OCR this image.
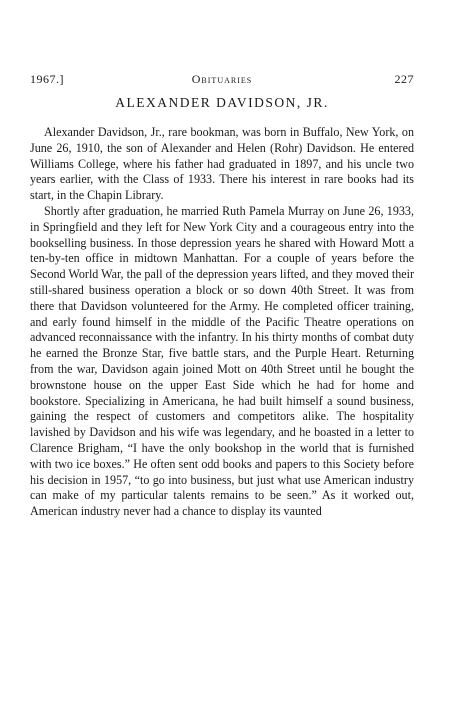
1967.]	Obituaries	227
ALEXANDER DAVIDSON, JR.

Alexander Davidson, Jr., rare bookman, was born in Buffalo, New York, on June 26, 1910, the son of Alexander and Helen (Rohr) Davidson. He entered Williams College, where his father had graduated in 1897, and his uncle two years earlier, with the Class of 1933. There his interest in rare books had its start, in the Chapin Library.

Shortly after graduation, he married Ruth Pamela Murray on June 26, 1933, in Springfield and they left for New York City and a courageous entry into the bookselling business. In those depression years he shared with Howard Mott a ten-by-ten office in midtown Manhattan. For a couple of years before the Second World War, the pall of the depression years lifted, and they moved their still-shared business operation a block or so down 40th Street. It was from there that Davidson volunteered for the Army. He completed officer training, and early found himself in the middle of the Pacific Theatre operations on advanced reconnaissance with the infantry. In his thirty months of combat duty he earned the Bronze Star, five battle stars, and the Purple Heart. Returning from the war, Davidson again joined Mott on 40th Street until he bought the brownstone house on the upper East Side which he had for home and bookstore. Specializing in Americana, he had built himself a sound business, gaining the respect of customers and competitors alike. The hospitality lavished by Davidson and his wife was legendary, and he boasted in a letter to Clarence Brigham, “I have the only bookshop in the world that is furnished with two ice boxes.” He often sent odd books and papers to this Society before his decision in 1957, “to go into business, but just what use American industry can make of my particular talents remains to be seen.” As it worked out, American industry never had a chance to display its vaunted
